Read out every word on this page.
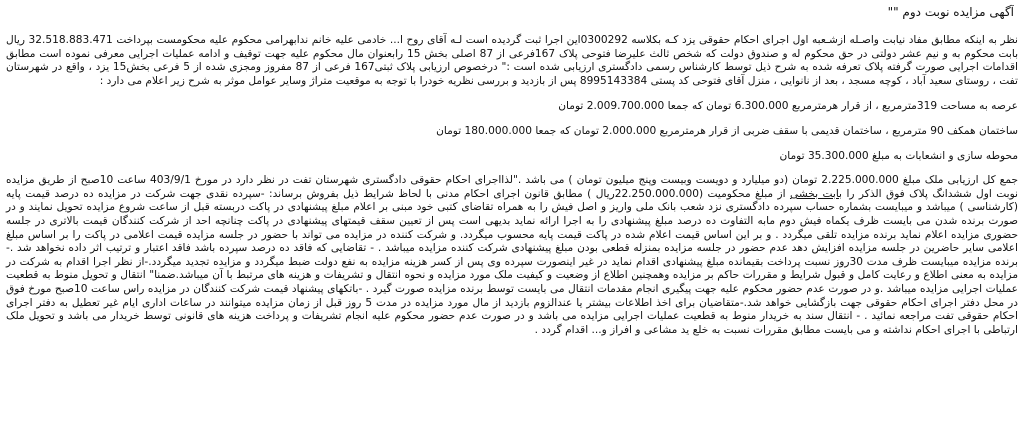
آگهی مزایده نوبت دوم ""

نظر به اینکه مطابق مفاد نیابت واصـله ازشـعبه اول اجرای احکام حقوقی یزد کـه بکلاسه 0300292این اجرا ثبت گردیده است لـه آقای روح ا... خادمی علیه خانم ندابهرامی محکوم علیه محکومست بپرداخت 32.518.883.471 ریال بابت محکوم به و نیم عشر دولتی در حق محکوم له و صندوق دولت که شخص ثالث علیرضا فتوحی پلاک 167فرعی از 87 اصلی بخش 15 رابعنوان مال محکوم علیه جهت توقیف و ادامه عملیات اجرایی معرفی نموده است مطابق اقدامات اجرایی صورت گرفته پلاک تعرفه شده به شرح ذیل توسط کارشناس رسمی دادگستری ارزیابی شده است :" درخصوص ارزیابی پلاک ثبتی167 فرعی از 87 مفروز ومجزی شده از 5 فرعی بخش15 یزد ، واقع در شهرستان تفت ، روستای سعید آباد ، کوچه مسجد ، بعد از نانوایی ، منزل آقای فتوحی کد پستی 8995143384 پس از بازدید و بررسی نظریه خودرا با توجه به موقعیت متراژ وسایر عوامل موثر به شرح زیر اعلام می دارد :

عرصه به مساحت 319مترمربع ، از قرار هرمترمربع 6.300.000 تومان که جمعا 2.009.700.000 تومان
ساختمان همکف 90 مترمربع ، ساختمان قدیمی با سقف ضربی از قرار هرمترمربع 2.000.000 تومان که جمعا 180.000.000 تومان
محوطه سازی و انشعابات به مبلغ 35.300.000 تومان

جمع کل ارزیابی ملک مبلغ 2.225.000.000 تومان (دو میلیارد و دویست وبیست وپنج میلیون تومان ) می باشد ."لذااجرای احکام حقوقی دادگستری شهرستان تفت در نظر دارد در مورخ 403/9/1 ساعت 10صبح از طریق مزایده نوبت اول ششدانگ پلاک فوق الذکر را بابت بخشی از مبلغ محکومیت (22.250.000.000ریال ) مطابق قانون اجرای احکام مدنی با لحاظ شرایط ذیل بفروش برساند: -سپرده نقدی جهت شرکت در مزایده ده درصد قیمت پایه (کارشناسی ) میباشد و میبایست بشماره حساب سپرده دادگستری نزد شعب بانک ملی واریز و اصل فیش را به همراه تقاضای کتبی خود مبنی بر اعلام مبلغ پیشنهادی در پاکت دربسته قبل از ساعت شروع مزایده تحویل نمایند و در صورت برنده شدن می بایست ظرف یکماه فیش دوم مابه التفاوت ده درصد مبلغ پیشنهادی را به اجرا ارائه نماید بدیهی است پس از تعیین سقف قیمتهای پیشنهادی در پاکت چنانچه احد از شرکت کنندگان قیمت بالاتری در جلسه حضوری مزایده اعلام نماید برنده مزایده تلقی میگردد . و بر این اساس قیمت اعلام شده در پاکت قیمت پایه محسوب میگردد. و شرکت کننده در مزایده می تواند با حضور در جلسه مزایده قیمت اعلامی در پاکت را بر اساس مبلغ اعلامی سایر حاضرین در جلسه مزایده افزایش دهد عدم حضور در جلسه مزایده بمنزله قطعی بودن مبلغ پیشنهادی شرکت کننده مزایده میباشد . - تقاضایی که فاقد ده درصد سپرده باشد فاقد اعتبار و ترتیب اثر داده نخواهد شد .-برنده مزایده میبایست ظرف مدت 30روز نسبت پرداخت بقیمانده مبلغ پیشنهادی اقدام نماید در غیر اینصورت سپرده وی پس از کسر هزینه مزایده به نفع دولت ضبط میگردد و مزایده تجدید میگردد.-از نظر اجرا اقدام به شرکت در مزایده به معنی اطلاع و رعایت کامل و قبول شرایط و مقررات حاکم بر مزایده وهمچنین اطلاع از وضعیت و کیفیت ملک مورد مزایده و نحوه انتقال و تشریفات و هزینه های مرتبط با آن میباشد.ضمنا" انتقال و تحویل منوط به قطعیت عملیات اجرایی مزایده میباشد .و در صورت عدم حضور محکوم علیه جهت پیگیری انجام مقدمات انتقال می بایست توسط برنده مزایده صورت گیرد . -باتکهای پیشنهاد قیمت شرکت کنندگان در مزایده راس ساعت 10صبح مورخ فوق در محل دفتر اجرای احکام حقوقی جهت بازگشایی خواهد شد.-متقاضیان برای اخذ اطلاعات بیشتر یا عندالزوم بازدید از مال مورد مزایده در مدت 5 روز قبل از زمان مزایده میتوانند در ساعات اداری ایام غیر تعطیل به دفتر اجرای احکام حقوقی تفت مراجعه نمائید . - انتقال سند به خریدار منوط به قطعیت عملیات اجرایی مزایده می باشد و در صورت عدم حضور محکوم علیه انجام تشریفات و پرداخت هزینه های قانونی توسط خریدار می باشد و تحویل ملک ارتباطی با اجرای احکام نداشته و می بایست مطابق مقررات نسبت به خلع ید مشاعی و افراز و... اقدام گردد .
